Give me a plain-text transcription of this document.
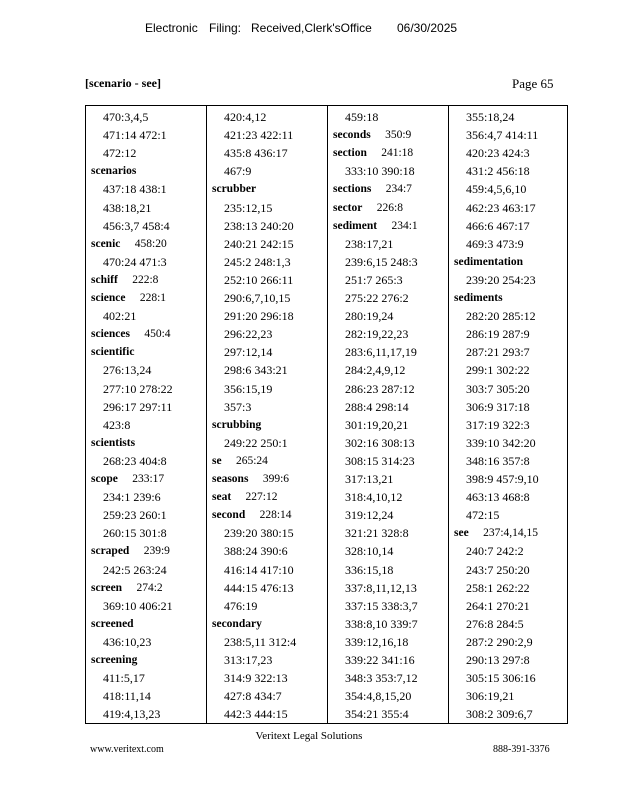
Electronic Filing: Received,Clerk'sOffice 06/30/2025
[scenario - see]	Page 65
470:3,4,5
471:14 472:1
472:12
scenarios
437:18 438:1
438:18,21
456:3,7 458:4
scenic 458:20
470:24 471:3
schiff 222:8
science 228:1
402:21
sciences 450:4
scientific
276:13,24
277:10 278:22
296:17 297:11
423:8
scientists
268:23 404:8
scope 233:17
234:1 239:6
259:23 260:1
260:15 301:8
scraped 239:9
242:5 263:24
screen 274:2
369:10 406:21
screened
436:10,23
screening
411:5,17
418:11,14
419:4,13,23
420:4,12
421:23 422:11
435:8 436:17
467:9
scrubber
235:12,15
238:13 240:20
240:21 242:15
245:2 248:1,3
252:10 266:11
290:6,7,10,15
291:20 296:18
296:22,23
297:12,14
298:6 343:21
356:15,19
357:3
scrubbing
249:22 250:1
se 265:24
seasons 399:6
seat 227:12
second 228:14
239:20 380:15
388:24 390:6
416:14 417:10
444:15 476:13
476:19
secondary
238:5,11 312:4
313:17,23
314:9 322:13
427:8 434:7
442:3 444:15
459:18
seconds 350:9
section 241:18
333:10 390:18
sections 234:7
sector 226:8
sediment 234:1
238:17,21
239:6,15 248:3
251:7 265:3
275:22 276:2
280:19,24
282:19,22,23
283:6,11,17,19
284:2,4,9,12
286:23 287:12
288:4 298:14
301:19,20,21
302:16 308:13
308:15 314:23
317:13,21
318:4,10,12
319:12,24
321:21 328:8
328:10,14
336:15,18
337:8,11,12,13
337:15 338:3,7
338:8,10 339:7
339:12,16,18
339:22 341:16
348:3 353:7,12
354:4,8,15,20
354:21 355:4
355:18,24
356:4,7 414:11
420:23 424:3
431:2 456:18
459:4,5,6,10
462:23 463:17
466:6 467:17
469:3 473:9
sedimentation
239:20 254:23
sediments
282:20 285:12
286:19 287:9
287:21 293:7
299:1 302:22
303:7 305:20
306:9 317:18
317:19 322:3
339:10 342:20
348:16 357:8
398:9 457:9,10
463:13 468:8
472:15
see 237:4,14,15
240:7 242:2
243:7 250:20
258:1 262:22
264:1 270:21
276:8 284:5
287:2 290:2,9
290:13 297:8
305:15 306:16
306:19,21
308:2 309:6,7
Veritext Legal Solutions
www.veritext.com	888-391-3376
